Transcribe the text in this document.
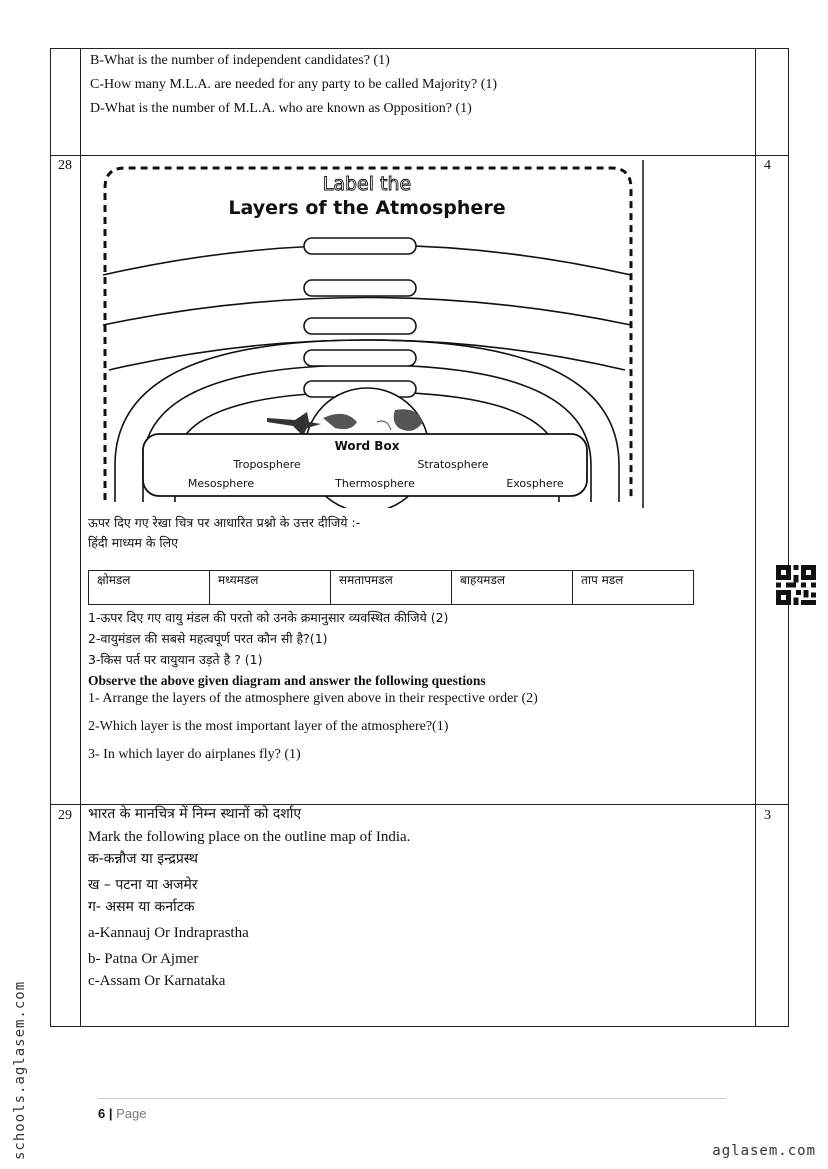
B-What is the number of independent candidates? (1)
C-How many M.L.A. are needed for any party to be called Majority? (1)
D-What is the number of M.L.A. who are known as Opposition? (1)
28	4
Label the
Layers of the Atmosphere
Word Box
Troposphere	Stratosphere
Mesosphere	Thermosphere	Exosphere
ऊपर दिए गए रेखा चित्र पर आधारित प्रश्नो के उत्तर दीजिये :-
हिंदी माध्यम के लिए
क्षोमडल	मध्यमडल	समतापमडल	बाहयमडल	ताप मडल
1-ऊपर दिए गए वायु मंडल की परतो को उनके क्रमानुसार व्यवस्थित कीजिये (2)
2-वायुमंडल की सबसे महत्वपूर्ण परत कौन सी है?(1)
3-किस पर्त पर वायुयान उड़ते है ? (1)
Observe the above given diagram and answer the following questions
1- Arrange the layers of the atmosphere given above in their respective order (2)
2-Which layer is the most important layer of the atmosphere?(1)
3- In which layer do airplanes fly? (1)
29	3
भारत के मानचित्र में निम्न स्थानों को दर्शाए
Mark the following place on the outline map of India.
क-कन्नौज या इन्द्रप्रस्थ
ख – पटना या अजमेर
ग- असम या कर्नाटक
a-Kannauj Or Indraprastha
b- Patna Or Ajmer
c-Assam Or Karnataka
6 | Page
schools.aglasem.com	aglasem.com
